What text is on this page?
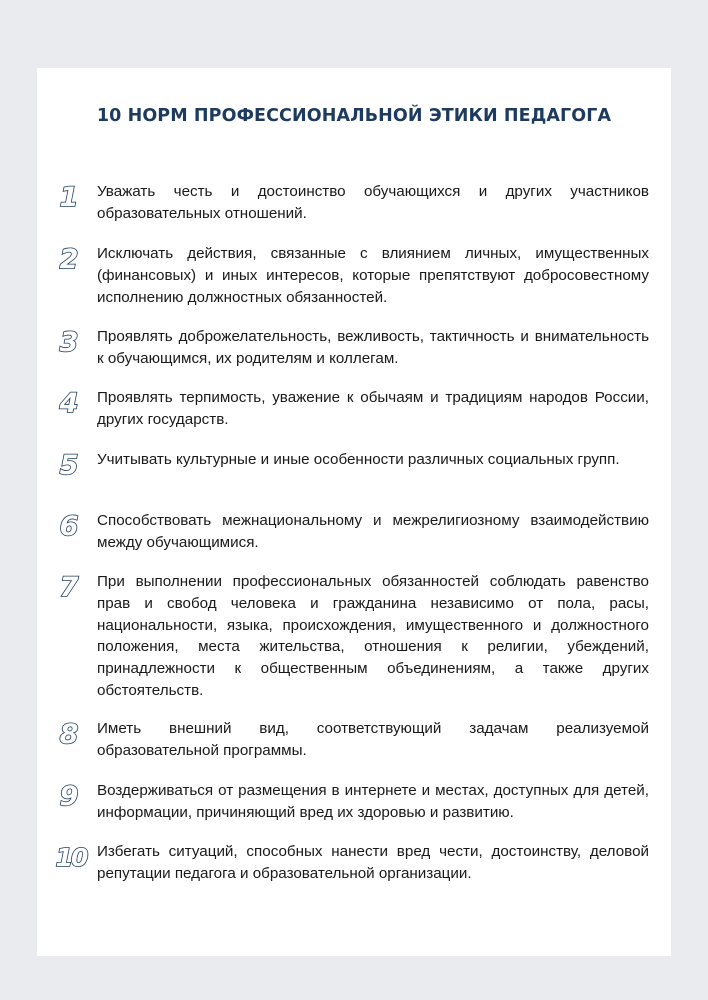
10 НОРМ ПРОФЕССИОНАЛЬНОЙ ЭТИКИ ПЕДАГОГА
1	Уважать честь и достоинство обучающихся и других участников образовательных отношений.
2	Исключать действия, связанные с влиянием личных, имущественных (финансовых) и иных интересов, которые препятствуют добросовестному исполнению должностных обязанностей.
3	Проявлять доброжелательность, вежливость, тактичность и внимательность к обучающимся, их родителям и коллегам.
4	Проявлять терпимость, уважение к обычаям и традициям народов России, других государств.
5	Учитывать культурные и иные особенности различных социальных групп.
6	Способствовать межнациональному и межрелигиозному взаимодействию между обучающимися.
7	При выполнении профессиональных обязанностей соблюдать равенство прав и свобод человека и гражданина независимо от пола, расы, национальности, языка, происхождения, имущественного и должностного положения, места жительства, отношения к религии, убеждений, принадлежности к общественным объединениям, а также других обстоятельств.
8	Иметь внешний вид, соответствующий задачам реализуемой образовательной программы.
9	Воздерживаться от размещения в интернете и местах, доступных для детей, информации, причиняющий вред их здоровью и развитию.
10 Избегать ситуаций, способных нанести вред чести, достоинству, деловой репутации педагога и образовательной организации.
